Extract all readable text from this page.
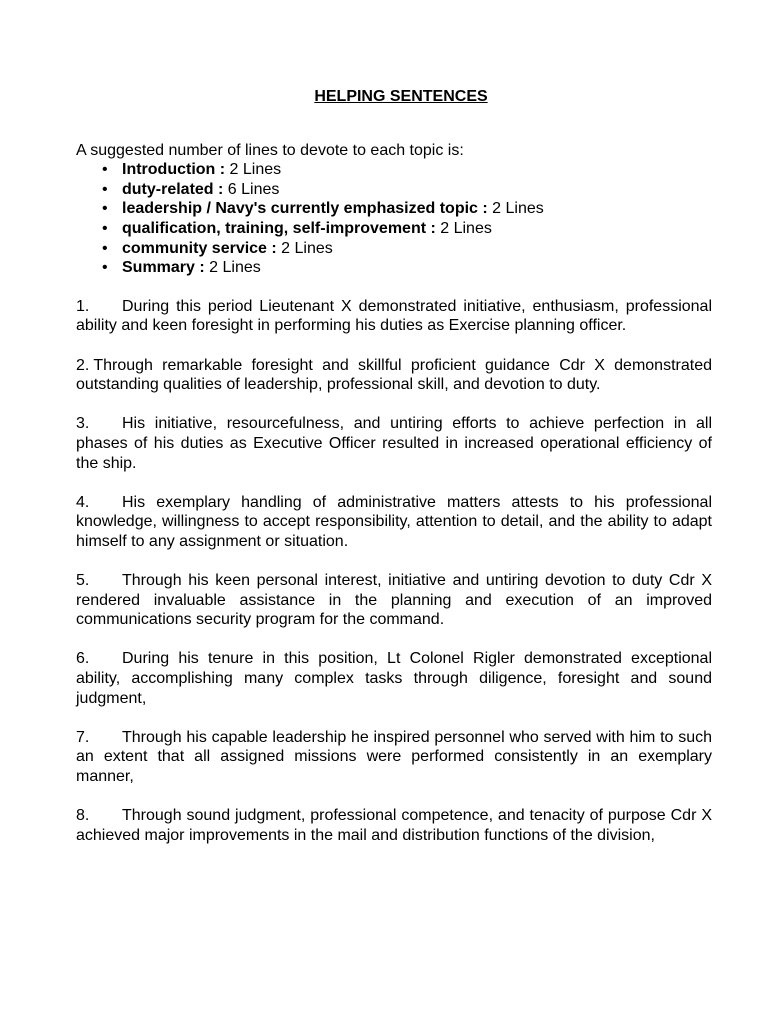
HELPING SENTENCES

A suggested number of lines to devote to each topic is:

• Introduction : 2 Lines
• duty-related : 6 Lines
• leadership / Navy's currently emphasized topic : 2 Lines
• qualification, training, self-improvement : 2 Lines
• community service : 2 Lines
• Summary : 2 Lines

1. During this period Lieutenant X demonstrated initiative, enthusiasm, professional ability and keen foresight in performing his duties as Exercise planning officer.

2. Through remarkable foresight and skillful proficient guidance Cdr X demonstrated outstanding qualities of leadership, professional skill, and devotion to duty.

3. His initiative, resourcefulness, and untiring efforts to achieve perfection in all phases of his duties as Executive Officer resulted in increased operational efficiency of the ship.

4. His exemplary handling of administrative matters attests to his professional knowledge, willingness to accept responsibility, attention to detail, and the ability to adapt himself to any assignment or situation.

5. Through his keen personal interest, initiative and untiring devotion to duty Cdr X rendered invaluable assistance in the planning and execution of an improved communications security program for the command.

6. During his tenure in this position, Lt Colonel Rigler demonstrated exceptional ability, accomplishing many complex tasks through diligence, foresight and sound judgment,

7. Through his capable leadership he inspired personnel who served with him to such an extent that all assigned missions were performed consistently in an exemplary manner,

8. Through sound judgment, professional competence, and tenacity of purpose Cdr X achieved major improvements in the mail and distribution functions of the division,
